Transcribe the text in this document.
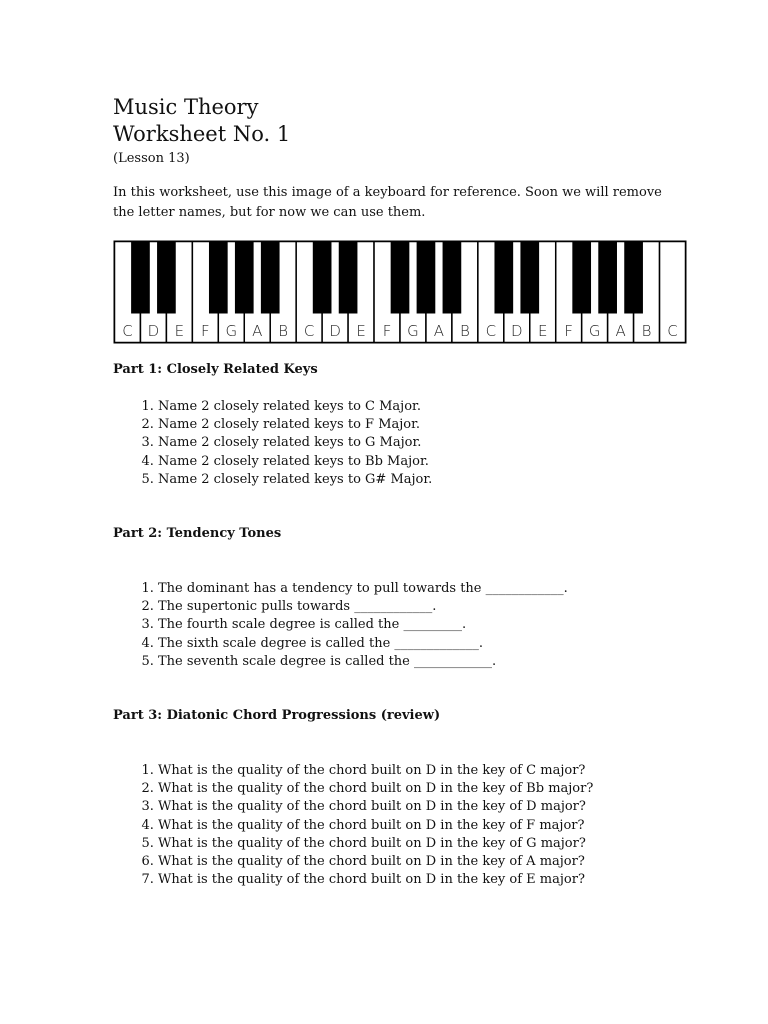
Music Theory
Worksheet No. 1
(Lesson 13)
In this worksheet, use this image of a keyboard for reference. Soon we will remove the letter names, but for now we can use them.
C D E F G A B C D E F G A B C D E F G A B C
Part 1: Closely Related Keys
1. Name 2 closely related keys to C Major.
2. Name 2 closely related keys to F Major.
3. Name 2 closely related keys to G Major.
4. Name 2 closely related keys to Bb Major.
5. Name 2 closely related keys to G# Major.
Part 2: Tendency Tones
1. The dominant has a tendency to pull towards the ____________.
2. The supertonic pulls towards ____________.
3. The fourth scale degree is called the _________.
4. The sixth scale degree is called the _____________.
5. The seventh scale degree is called the ____________.
Part 3: Diatonic Chord Progressions (review)
1. What is the quality of the chord built on D in the key of C major?
2. What is the quality of the chord built on D in the key of Bb major?
3. What is the quality of the chord built on D in the key of D major?
4. What is the quality of the chord built on D in the key of F major?
5. What is the quality of the chord built on D in the key of G major?
6. What is the quality of the chord built on D in the key of A major?
7. What is the quality of the chord built on D in the key of E major?
